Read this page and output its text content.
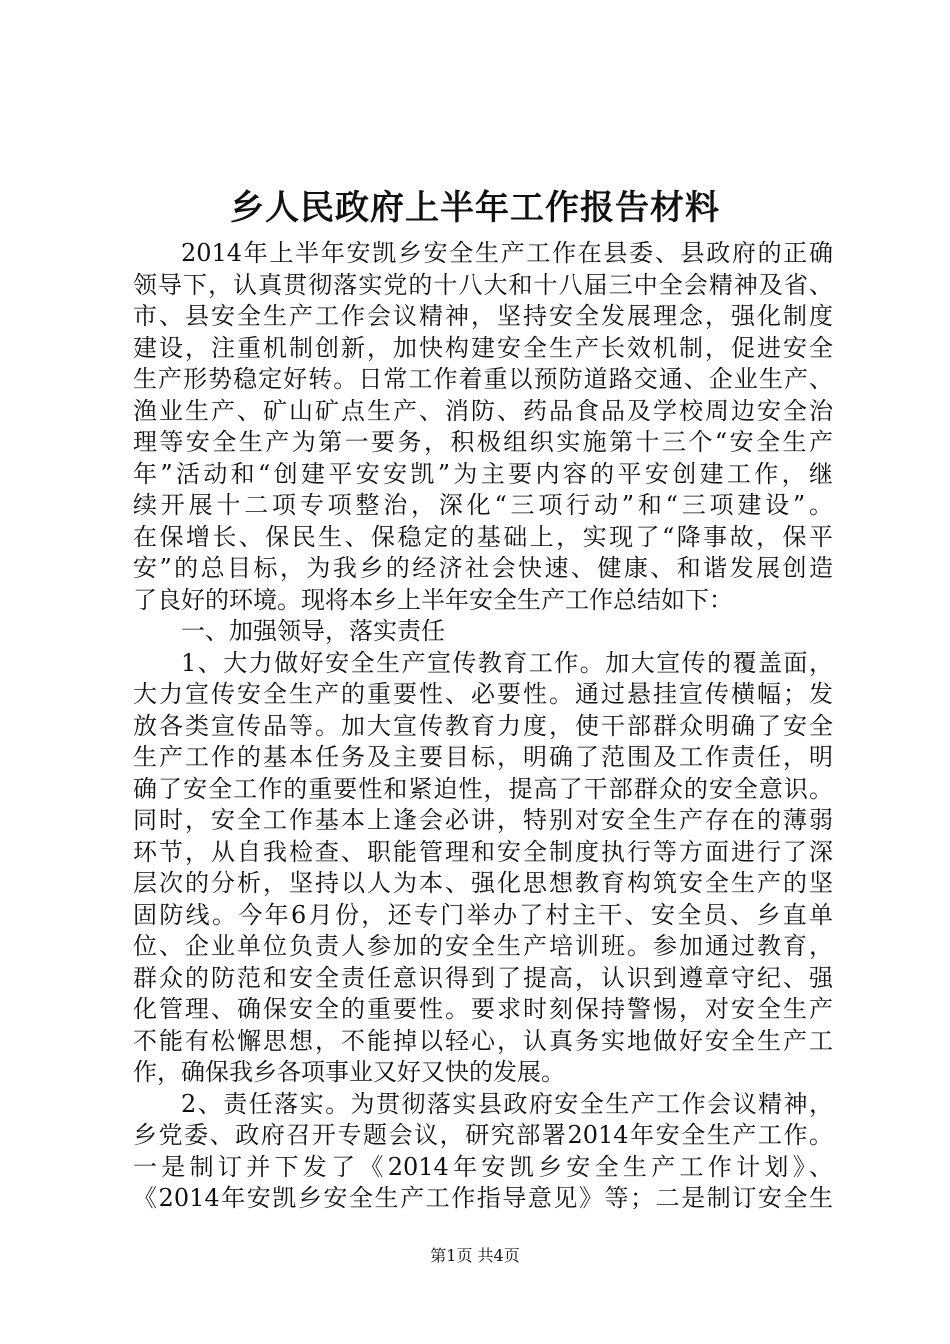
乡人民政府上半年工作报告材料
2014年上半年安凯乡安全生产工作在县委、县政府的正确
领导下，认真贯彻落实党的十八大和十八届三中全会精神及省、
市、县安全生产工作会议精神，坚持安全发展理念，强化制度
建设，注重机制创新，加快构建安全生产长效机制，促进安全
生产形势稳定好转。日常工作着重以预防道路交通、企业生产、
渔业生产、矿山矿点生产、消防、药品食品及学校周边安全治
理等安全生产为第一要务，积极组织实施第十三个“安全生产
年”活动和“创建平安安凯”为主要内容的平安创建工作，继
续开展十二项专项整治，深化“三项行动”和“三项建设”。
在保增长、保民生、保稳定的基础上，实现了“降事故，保平
安”的总目标，为我乡的经济社会快速、健康、和谐发展创造
了良好的环境。现将本乡上半年安全生产工作总结如下：
一、加强领导，落实责任
1、大力做好安全生产宣传教育工作。加大宣传的覆盖面，
大力宣传安全生产的重要性、必要性。通过悬挂宣传横幅；发
放各类宣传品等。加大宣传教育力度，使干部群众明确了安全
生产工作的基本任务及主要目标，明确了范围及工作责任，明
确了安全工作的重要性和紧迫性，提高了干部群众的安全意识。
同时，安全工作基本上逢会必讲，特别对安全生产存在的薄弱
环节，从自我检查、职能管理和安全制度执行等方面进行了深
层次的分析，坚持以人为本、强化思想教育构筑安全生产的坚
固防线。今年6月份，还专门举办了村主干、安全员、乡直单
位、企业单位负责人参加的安全生产培训班。参加通过教育，
群众的防范和安全责任意识得到了提高，认识到遵章守纪、强
化管理、确保安全的重要性。要求时刻保持警惕，对安全生产
不能有松懈思想，不能掉以轻心，认真务实地做好安全生产工
作，确保我乡各项事业又好又快的发展。
2、责任落实。为贯彻落实县政府安全生产工作会议精神，
乡党委、政府召开专题会议，研究部署2014年安全生产工作。
一是制订并下发了《2014年安凯乡安全生产工作计划》、
《2014年安凯乡安全生产工作指导意见》等；二是制订安全生
第1页 共4页
